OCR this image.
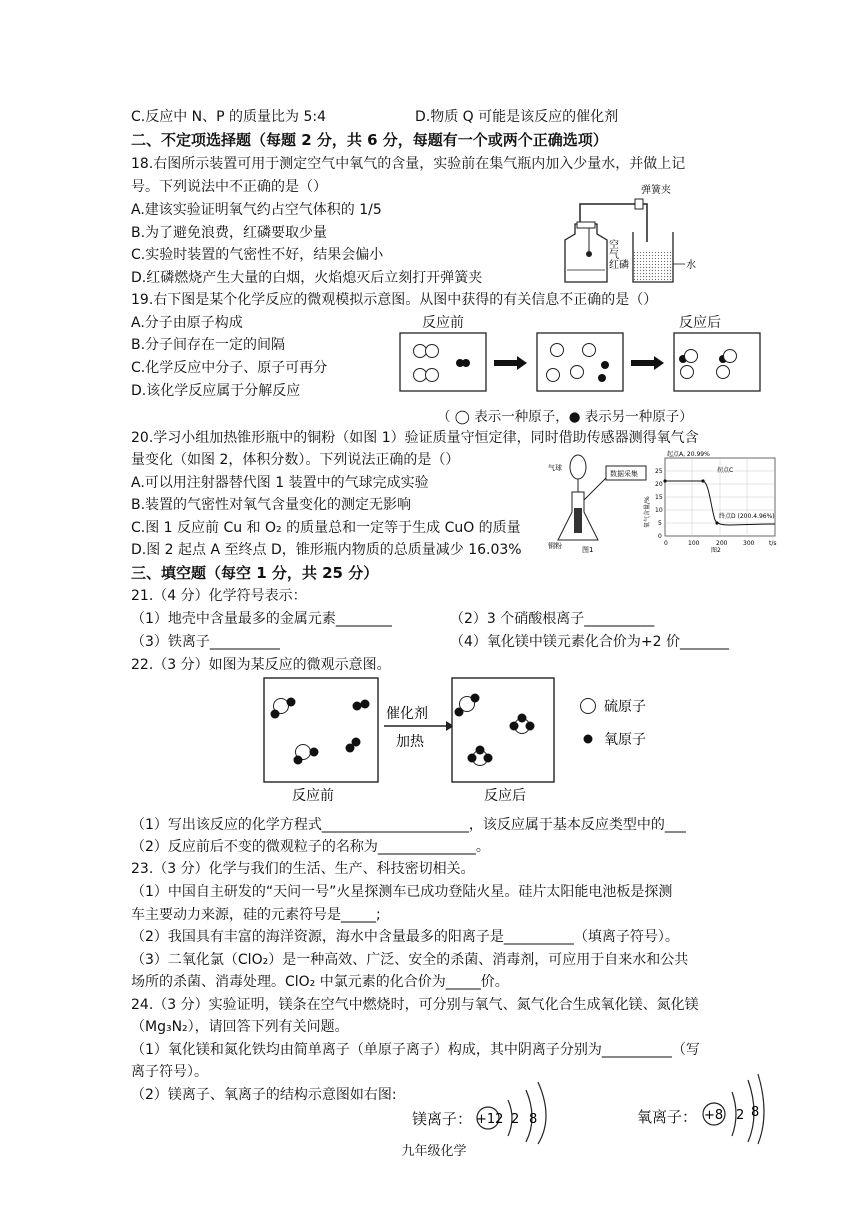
C.反应中 N、P 的质量比为 5:4	D.物质 Q 可能是该反应的催化剂
二、不定项选择题（每题 2 分，共 6 分，每题有一个或两个正确选项）
18.右图所示装置可用于测定空气中氧气的含量，实验前在集气瓶内加入少量水，并做上记
号。下列说法中不正确的是（）
A.建该实验证明氧气约占空气体积的 1/5
B.为了避免浪费，红磷要取少量
C.实验时装置的气密性不好，结果会偏小
D.红磷燃烧产生大量的白烟，火焰熄灭后立刻打开弹簧夹
19.右下图是某个化学反应的微观模拟示意图。从图中获得的有关信息不正确的是（）
A.分子由原子构成
B.分子间存在一定的间隔
C.化学反应中分子、原子可再分
D.该化学反应属于分解反应
20.学习小组加热锥形瓶中的铜粉（如图 1）验证质量守恒定律，同时借助传感器测得氧气含
量变化（如图 2，体积分数）。下列说法正确的是（）
A.可以用注射器替代图 1 装置中的气球完成实验
B.装置的气密性对氧气含量变化的测定无影响
C.图 1 反应前 Cu 和 O₂ 的质量总和一定等于生成 CuO 的质量
D.图 2 起点 A 至终点 D，锥形瓶内物质的总质量减少 16.03%
三、填空题（每空 1 分，共 25 分）
21.（4 分）化学符号表示：
（1）地壳中含量最多的金属元素________	（2）3 个硝酸根离子__________
（3）铁离子__________	（4）氧化镁中镁元素化合价为+2 价_______
22.（3 分）如图为某反应的微观示意图。
（1）写出该反应的化学方程式_____________________，该反应属于基本反应类型中的___
（2）反应前后不变的微观粒子的名称为______________。
23.（3 分）化学与我们的生活、生产、科技密切相关。
（1）中国自主研发的“天问一号”火星探测车已成功登陆火星。硅片太阳能电池板是探测
车主要动力来源，硅的元素符号是_____;
（2）我国具有丰富的海洋资源，海水中含量最多的阳离子是__________（填离子符号）。
（3）二氧化氯（ClO₂）是一种高效、广泛、安全的杀菌、消毒剂，可应用于自来水和公共
场所的杀菌、消毒处理。ClO₂ 中氯元素的化合价为_____价。
24.（3 分）实验证明，镁条在空气中燃烧时，可分别与氧气、氮气化合生成氧化镁、氮化镁
（Mg₃N₂），请回答下列有关问题。
（1）氧化镁和氮化铁均由简单离子（单原子离子）构成，其中阴离子分别为__________（写
离子符号）。
（2）镁离子、氧离子的结构示意图如右图:
弹簧夹
空
气
红磷	水
反应前	反应后
（ ◯ 表示一种原子，● 表示另一种原子）
气球
数据采集
铜粉	图1
氧气含量/%
25
20
15
10
5
0
0	100	200	300 t/s
起点A, 20.99%
拐点C
终点D (200.4.96%)
图2
催化剂
加热
反应前	反应后
硫原子
氧原子
镁离子： +12 2 8	氧离子： +8 2 8
九年级化学
